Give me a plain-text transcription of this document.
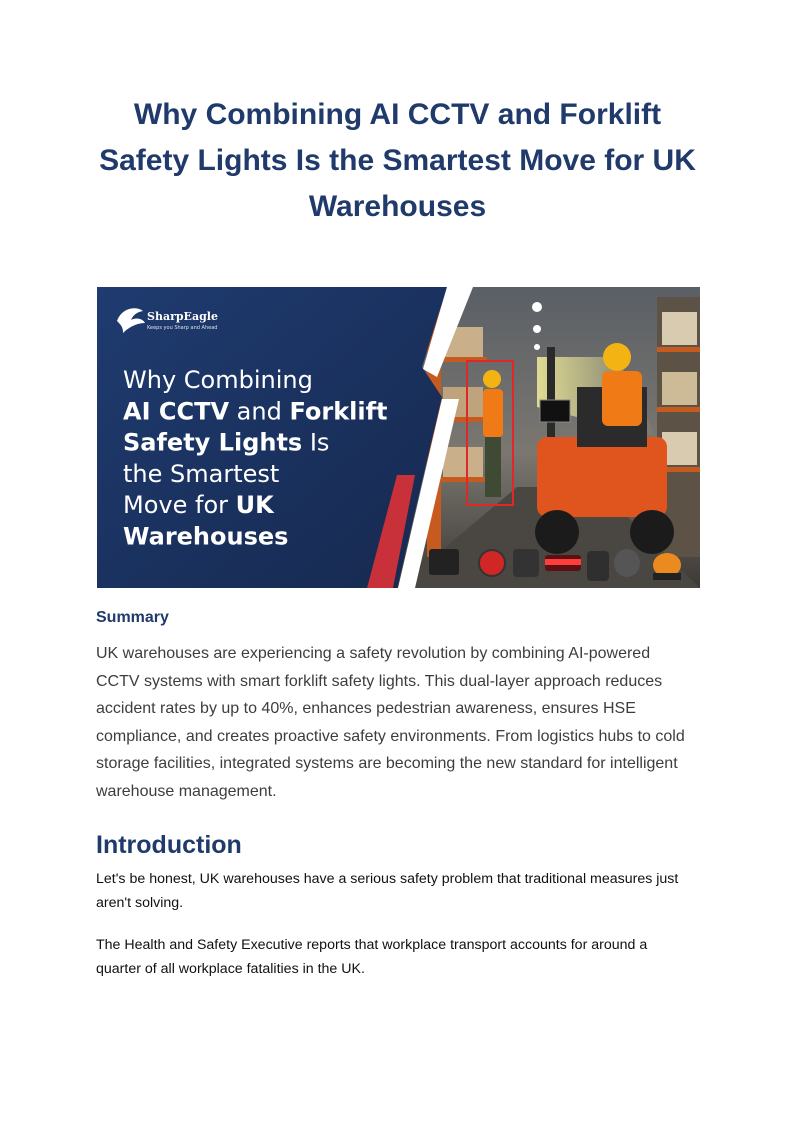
Why Combining AI CCTV and Forklift Safety Lights Is the Smartest Move for UK Warehouses
SharpEagle
Keeps you Sharp and Ahead
Why Combining
AI CCTV and Forklift
Safety Lights Is
the Smartest
Move for UK
Warehouses
Summary

UK warehouses are experiencing a safety revolution by combining AI-powered CCTV systems with smart forklift safety lights. This dual-layer approach reduces accident rates by up to 40%, enhances pedestrian awareness, ensures HSE compliance, and creates proactive safety environments. From logistics hubs to cold storage facilities, integrated systems are becoming the new standard for intelligent warehouse management.

Introduction

Let's be honest, UK warehouses have a serious safety problem that traditional measures just aren't solving.

The Health and Safety Executive reports that workplace transport accounts for around a quarter of all workplace fatalities in the UK.
